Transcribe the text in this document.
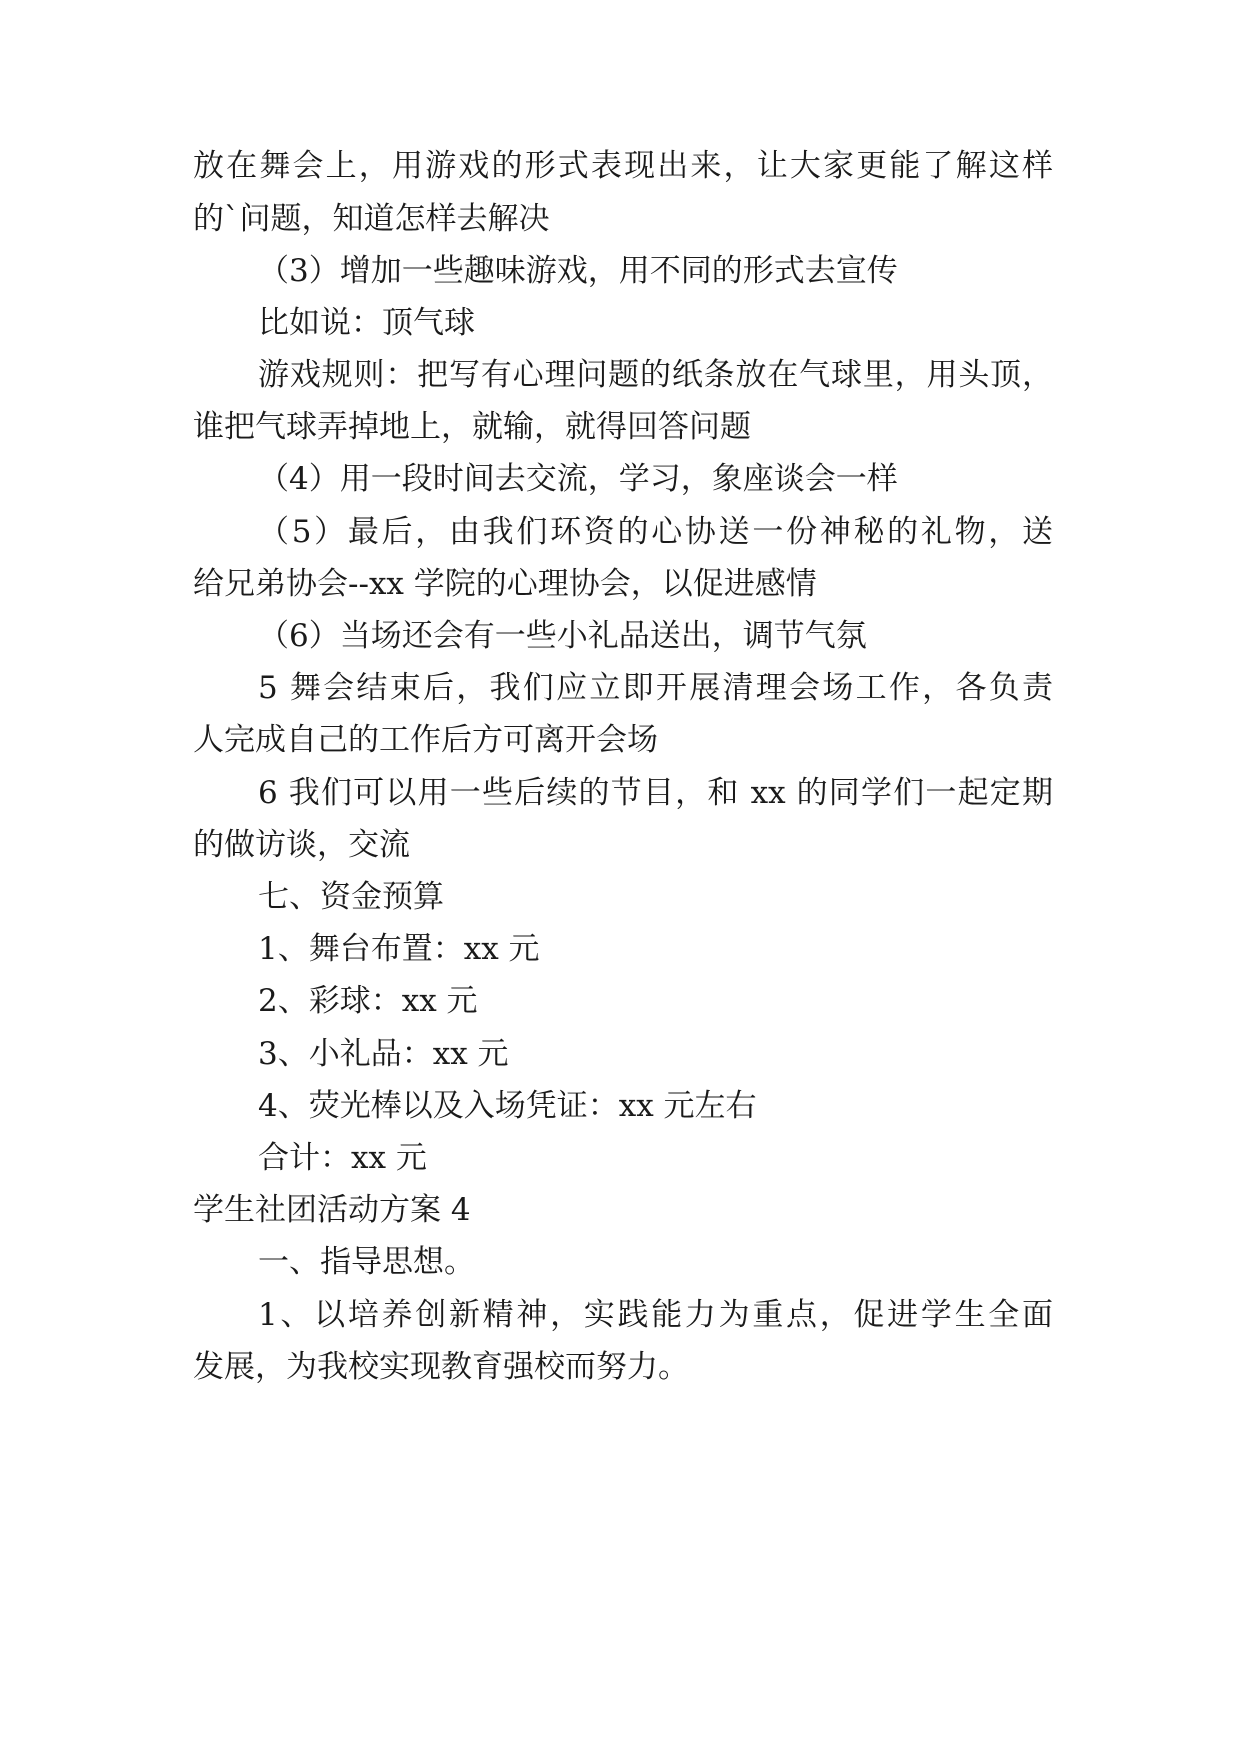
放在舞会上，用游戏的形式表现出来，让大家更能了解这样
的`问题，知道怎样去解决
（3）增加一些趣味游戏，用不同的形式去宣传
比如说：顶气球
游戏规则：把写有心理问题的纸条放在气球里，用头顶，
谁把气球弄掉地上，就输，就得回答问题
（4）用一段时间去交流，学习，象座谈会一样
（5）最后，由我们环资的心协送一份神秘的礼物，送
给兄弟协会--xx 学院的心理协会，以促进感情
（6）当场还会有一些小礼品送出，调节气氛
5 舞会结束后，我们应立即开展清理会场工作，各负责
人完成自己的工作后方可离开会场
6 我们可以用一些后续的节目，和 xx 的同学们一起定期
的做访谈，交流
七、资金预算
1、舞台布置：xx 元
2、彩球：xx 元
3、小礼品：xx 元
4、荧光棒以及入场凭证：xx 元左右
合计：xx 元
学生社团活动方案 4
一、指导思想。
1、以培养创新精神，实践能力为重点，促进学生全面
发展，为我校实现教育强校而努力。
